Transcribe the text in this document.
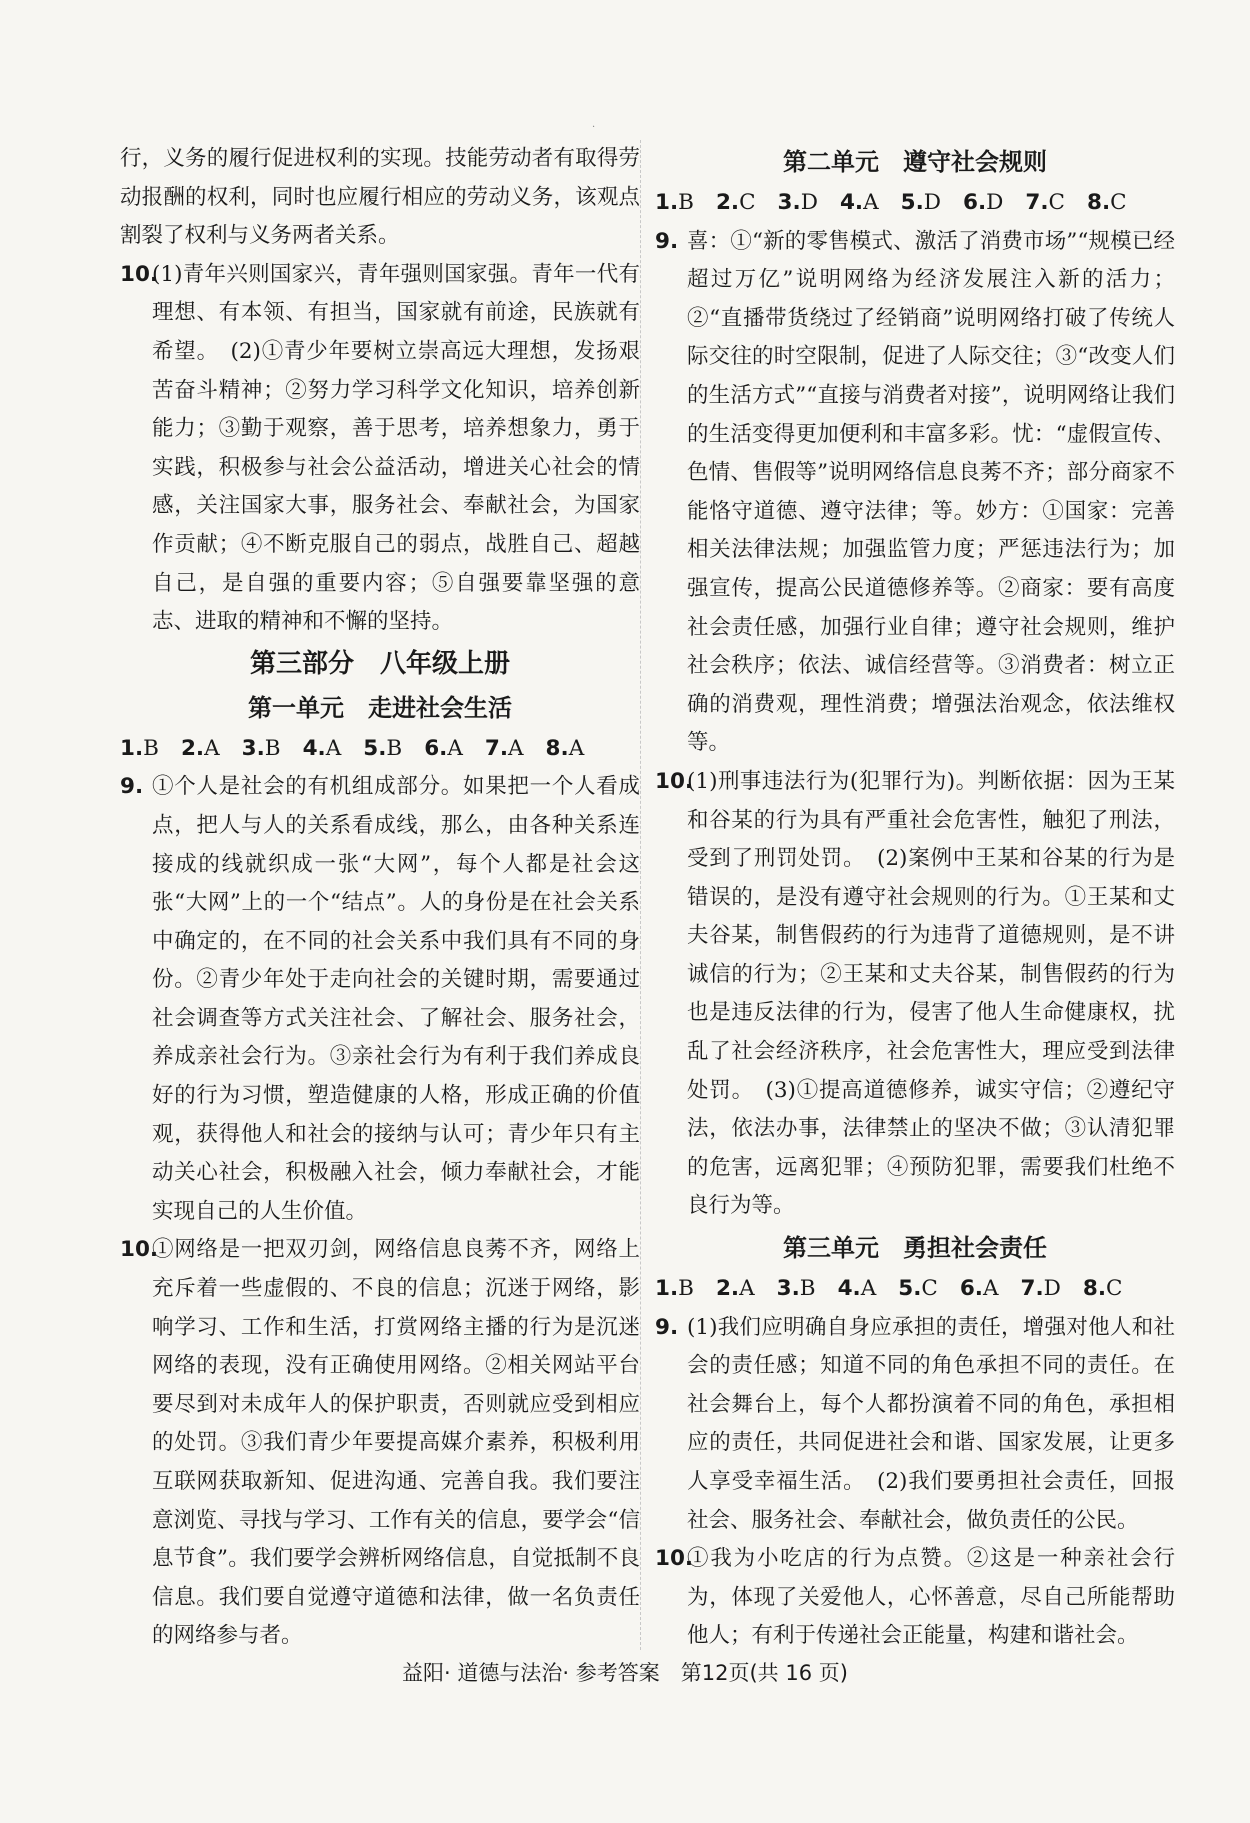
·

行，义务的履行促进权利的实现。技能劳动者有取得劳动报酬的权利，同时也应履行相应的劳动义务，该观点割裂了权利与义务两者关系。

10.
(1)青年兴则国家兴，青年强则国家强。青年一代有理想、有本领、有担当，国家就有前途，民族就有希望。　(2)①青少年要树立崇高远大理想，发扬艰苦奋斗精神；②努力学习科学文化知识，培养创新能力；③勤于观察，善于思考，培养想象力，勇于实践，积极参与社会公益活动，增进关心社会的情感，关注国家大事，服务社会、奉献社会，为国家作贡献；④不断克服自己的弱点，战胜自己、超越自己，是自强的重要内容；⑤自强要靠坚强的意志、进取的精神和不懈的坚持。

第三部分　八年级上册

第一单元　走进社会生活

1.B 2.A 3.B 4.A 5.B 6.A 7.A 8.A

9. ①个人是社会的有机组成部分。如果把一个人看成点，把人与人的关系看成线，那么，由各种关系连接成的线就织成一张“大网”，每个人都是社会这张“大网”上的一个“结点”。人的身份是在社会关系中确定的，在不同的社会关系中我们具有不同的身份。②青少年处于走向社会的关键时期，需要通过社会调查等方式关注社会、了解社会、服务社会，养成亲社会行为。③亲社会行为有利于我们养成良好的行为习惯，塑造健康的人格，形成正确的价值观，获得他人和社会的接纳与认可；青少年只有主动关心社会，积极融入社会，倾力奉献社会，才能实现自己的人生价值。
10.
①网络是一把双刃剑，网络信息良莠不齐，网络上充斥着一些虚假的、不良的信息；沉迷于网络，影响学习、工作和生活，打赏网络主播的行为是沉迷网络的表现，没有正确使用网络。②相关网站平台要尽到对未成年人的保护职责，否则就应受到相应的处罚。③我们青少年要提高媒介素养，积极利用互联网获取新知、促进沟通、完善自我。我们要注意浏览、寻找与学习、工作有关的信息，要学会“信息节食”。我们要学会辨析网络信息，自觉抵制不良信息。我们要自觉遵守道德和法律，做一名负责任的网络参与者。

第二单元　遵守社会规则

1.B 2.C 3.D 4.A 5.D 6.D 7.C 8.C

9. 喜：①“新的零售模式、激活了消费市场”“规模已经超过万亿”说明网络为经济发展注入新的活力；②“直播带货绕过了经销商”说明网络打破了传统人际交往的时空限制，促进了人际交往；③“改变人们的生活方式”“直接与消费者对接”，说明网络让我们的生活变得更加便利和丰富多彩。忧：“虚假宣传、色情、售假等”说明网络信息良莠不齐；部分商家不能恪守道德、遵守法律；等。妙方：①国家：完善相关法律法规；加强监管力度；严惩违法行为；加强宣传，提高公民道德修养等。②商家：要有高度社会责任感，加强行业自律；遵守社会规则，维护社会秩序；依法、诚信经营等。③消费者：树立正确的消费观，理性消费；增强法治观念，依法维权等。
10.
(1)刑事违法行为(犯罪行为)。判断依据：因为王某和谷某的行为具有严重社会危害性，触犯了刑法，受到了刑罚处罚。　(2)案例中王某和谷某的行为是错误的，是没有遵守社会规则的行为。①王某和丈夫谷某，制售假药的行为违背了道德规则，是不讲诚信的行为；②王某和丈夫谷某，制售假药的行为也是违反法律的行为，侵害了他人生命健康权，扰乱了社会经济秩序，社会危害性大，理应受到法律处罚。　(3)①提高道德修养，诚实守信；②遵纪守法，依法办事，法律禁止的坚决不做；③认清犯罪的危害，远离犯罪；④预防犯罪，需要我们杜绝不良行为等。

第三单元　勇担社会责任

1.B 2.A 3.B 4.A 5.C 6.A 7.D 8.C

9. (1)我们应明确自身应承担的责任，增强对他人和社会的责任感；知道不同的角色承担不同的责任。在社会舞台上，每个人都扮演着不同的角色，承担相应的责任，共同促进社会和谐、国家发展，让更多人享受幸福生活。　(2)我们要勇担社会责任，回报社会、服务社会、奉献社会，做负责任的公民。
10.
①我为小吃店的行为点赞。②这是一种亲社会行为，体现了关爱他人，心怀善意，尽自己所能帮助他人；有利于传递社会正能量，构建和谐社会。
益阳· 道德与法治· 参考答案　第12页(共 16 页)
